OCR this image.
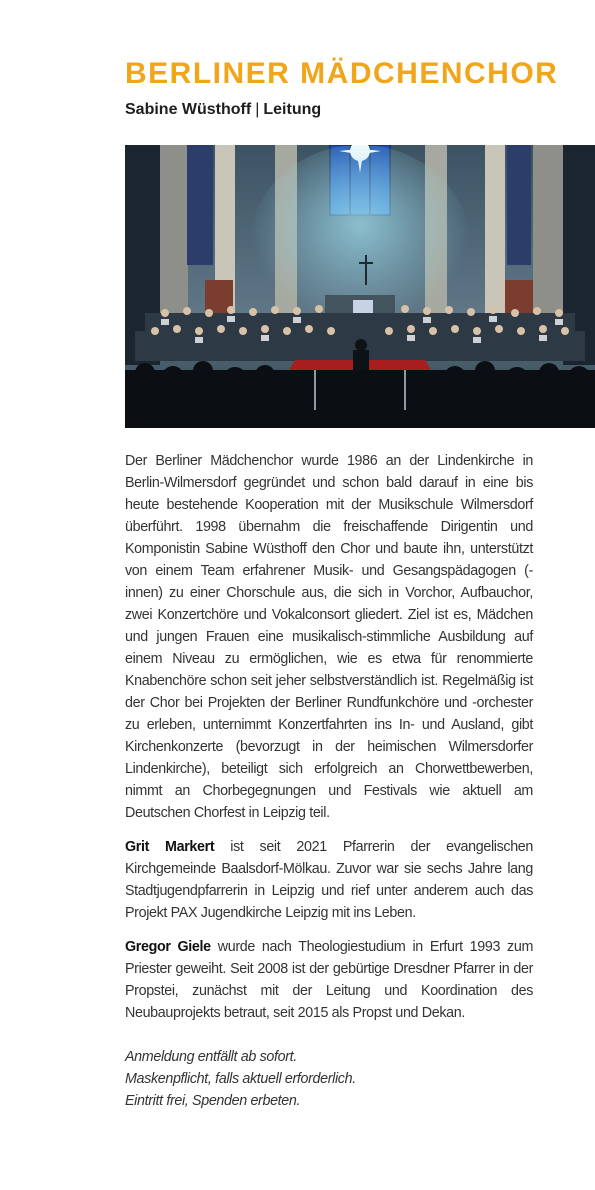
BERLINER MÄDCHENCHOR
Sabine Wüsthoff | Leitung

Der Berliner Mädchenchor wurde 1986 an der Lindenkirche in Berlin-Wilmersdorf gegründet und schon bald darauf in eine bis heute bestehende Kooperation mit der Musikschule Wilmersdorf überführt. 1998 übernahm die freischaffende Dirigentin und Komponistin Sabine Wüsthoff den Chor und baute ihn, unterstützt von einem Team erfahrener Musik- und Gesangspädagogen (-innen) zu einer Chorschule aus, die sich in Vorchor, Aufbauchor, zwei Konzertchöre und Vokalconsort gliedert. Ziel ist es, Mädchen und jungen Frauen eine musikalisch-stimmliche Ausbildung auf einem Niveau zu ermöglichen, wie es etwa für renommierte Knabenchöre schon seit jeher selbstverständlich ist. Regelmäßig ist der Chor bei Projekten der Berliner Rundfunkchöre und -orchester zu erleben, unternimmt Konzertfahrten ins In- und Ausland, gibt Kirchenkonzerte (bevorzugt in der heimischen Wilmersdorfer Lindenkirche), beteiligt sich erfolgreich an Chorwettbewerben, nimmt an Chorbegegnungen und Festivals wie aktuell am Deutschen Chorfest in Leipzig teil.

Grit Markert ist seit 2021 Pfarrerin der evangelischen Kirchgemeinde Baalsdorf-Mölkau. Zuvor war sie sechs Jahre lang Stadtjugendpfarrerin in Leipzig und rief unter anderem auch das Projekt PAX Jugendkirche Leipzig mit ins Leben.

Gregor Giele wurde nach Theologiestudium in Erfurt 1993 zum Priester geweiht. Seit 2008 ist der gebürtige Dresdner Pfarrer in der Propstei, zunächst mit der Leitung und Koordination des Neubauprojekts betraut, seit 2015 als Propst und Dekan.

Anmeldung entfällt ab sofort.
Maskenpflicht, falls aktuell erforderlich.
Eintritt frei, Spenden erbeten.
